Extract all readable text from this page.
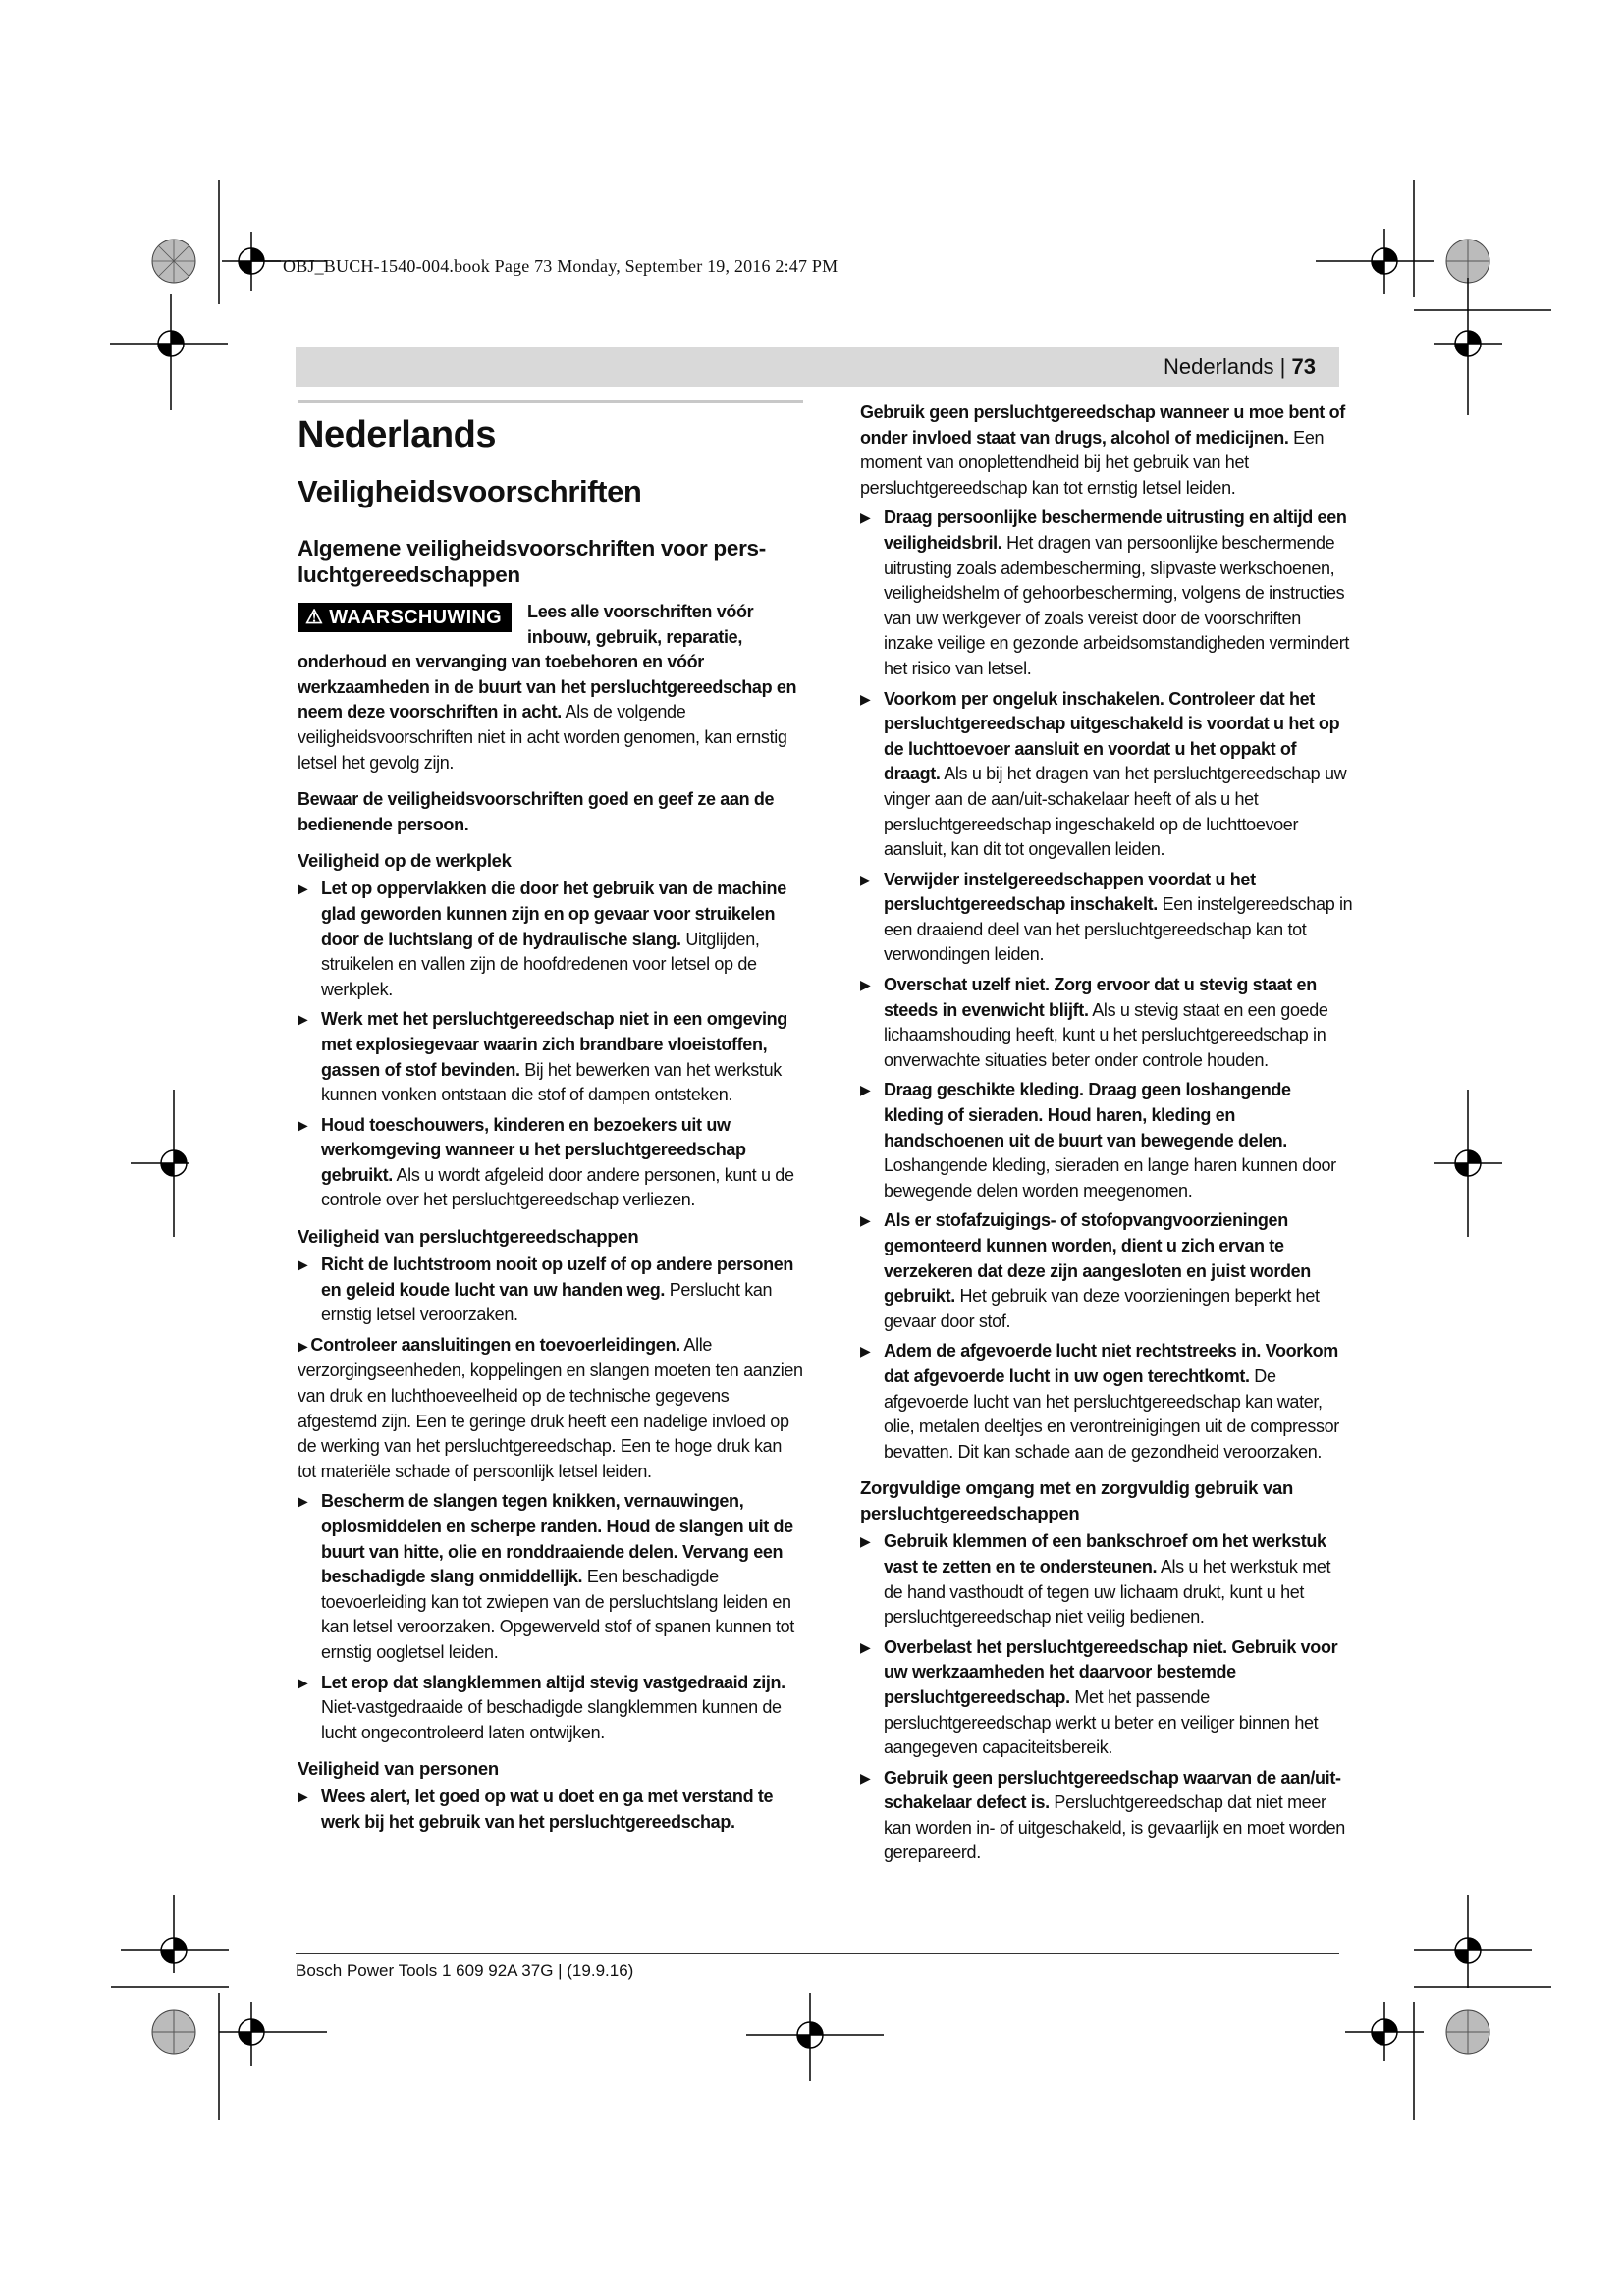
OBJ_BUCH-1540-004.book Page 73 Monday, September 19, 2016 2:47 PM
Nederlands | 73
Nederlands
Veiligheidsvoorschriften
Algemene veiligheidsvoorschriften voor pers-luchtgereedschappen
⚠ WAARSCHUWING	Lees alle voorschriften vóór inbouw, gebruik, reparatie, onderhoud en vervanging van toebehoren en vóór werkzaamheden in de buurt van het persluchtgereedschap en neem deze voorschriften in acht. Als de volgende veiligheidsvoorschriften niet in acht worden genomen, kan ernstig letsel het gevolg zijn.

Bewaar de veiligheidsvoorschriften goed en geef ze aan de bedienende persoon.

Veiligheid op de werkplek

▶ Let op oppervlakken die door het gebruik van de machine glad geworden kunnen zijn en op gevaar voor struikelen door de luchtslang of de hydraulische slang. Uitglijden, struikelen en vallen zijn de hoofdredenen voor letsel op de werkplek.

▶ Werk met het persluchtgereedschap niet in een omgeving met explosiegevaar waarin zich brandbare vloeistoffen, gassen of stof bevinden. Bij het bewerken van het werkstuk kunnen vonken ontstaan die stof of dampen ontsteken.

▶ Houd toeschouwers, kinderen en bezoekers uit uw werkomgeving wanneer u het persluchtgereedschap gebruikt. Als u wordt afgeleid door andere personen, kunt u de controle over het persluchtgereedschap verliezen.

Veiligheid van persluchtgereedschappen

▶ Richt de luchtstroom nooit op uzelf of op andere personen en geleid koude lucht van uw handen weg. Perslucht kan ernstig letsel veroorzaken.

▶ Controleer aansluitingen en toevoerleidingen. Alle verzorgingseenheden, koppelingen en slangen moeten ten aanzien van druk en luchthoeveelheid op de technische gegevens afgestemd zijn. Een te geringe druk heeft een nadelige invloed op de werking van het persluchtgereedschap. Een te hoge druk kan tot materiële schade of persoonlijk letsel leiden.

▶ Bescherm de slangen tegen knikken, vernauwingen, oplosmiddelen en scherpe randen. Houd de slangen uit de buurt van hitte, olie en ronddraaiende delen. Vervang een beschadigde slang onmiddellijk. Een beschadigde toevoerleiding kan tot zwiepen van de persluchtslang leiden en kan letsel veroorzaken. Opgewerveld stof of spanen kunnen tot ernstig oogletsel leiden.

▶ Let erop dat slangklemmen altijd stevig vastgedraaid zijn. Niet-vastgedraaide of beschadigde slangklemmen kunnen de lucht ongecontroleerd laten ontwijken.

Veiligheid van personen

▶ Wees alert, let goed op wat u doet en ga met verstand te werk bij het gebruik van het persluchtgereedschap.

Gebruik geen persluchtgereedschap wanneer u moe bent of onder invloed staat van drugs, alcohol of medicijnen. Een moment van onoplettendheid bij het gebruik van het persluchtgereedschap kan tot ernstig letsel leiden.

▶ Draag persoonlijke beschermende uitrusting en altijd een veiligheidsbril. Het dragen van persoonlijke beschermende uitrusting zoals adembescherming, slipvaste werkschoenen, veiligheidshelm of gehoorbescherming, volgens de instructies van uw werkgever of zoals vereist door de voorschriften inzake veilige en gezonde arbeidsomstandigheden vermindert het risico van letsel.

▶ Voorkom per ongeluk inschakelen. Controleer dat het persluchtgereedschap uitgeschakeld is voordat u het op de luchttoevoer aansluit en voordat u het oppakt of draagt. Als u bij het dragen van het persluchtgereedschap uw vinger aan de aan/uit-schakelaar heeft of als u het persluchtgereedschap ingeschakeld op de luchttoevoer aansluit, kan dit tot ongevallen leiden.

▶ Verwijder instelgereedschappen voordat u het persluchtgereedschap inschakelt. Een instelgereedschap in een draaiend deel van het persluchtgereedschap kan tot verwondingen leiden.

▶ Overschat uzelf niet. Zorg ervoor dat u stevig staat en steeds in evenwicht blijft. Als u stevig staat en een goede lichaamshouding heeft, kunt u het persluchtgereedschap in onverwachte situaties beter onder controle houden.

▶ Draag geschikte kleding. Draag geen loshangende kleding of sieraden. Houd haren, kleding en handschoenen uit de buurt van bewegende delen. Loshangende kleding, sieraden en lange haren kunnen door bewegende delen worden meegenomen.

▶ Als er stofafzuigings- of stofopvangvoorzieningen gemonteerd kunnen worden, dient u zich ervan te verzekeren dat deze zijn aangesloten en juist worden gebruikt. Het gebruik van deze voorzieningen beperkt het gevaar door stof.

▶ Adem de afgevoerde lucht niet rechtstreeks in. Voorkom dat afgevoerde lucht in uw ogen terechtkomt. De afgevoerde lucht van het persluchtgereedschap kan water, olie, metalen deeltjes en verontreinigingen uit de compressor bevatten. Dit kan schade aan de gezondheid veroorzaken.

Zorgvuldige omgang met en zorgvuldig gebruik van persluchtgereedschappen

▶ Gebruik klemmen of een bankschroef om het werkstuk vast te zetten en te ondersteunen. Als u het werkstuk met de hand vasthoudt of tegen uw lichaam drukt, kunt u het persluchtgereedschap niet veilig bedienen.

▶ Overbelast het persluchtgereedschap niet. Gebruik voor uw werkzaamheden het daarvoor bestemde persluchtgereedschap. Met het passende persluchtgereedschap werkt u beter en veiliger binnen het aangegeven capaciteitsbereik.

▶ Gebruik geen persluchtgereedschap waarvan de aan/uit-schakelaar defect is. Persluchtgereedschap dat niet meer kan worden in- of uitgeschakeld, is gevaarlijk en moet worden gerepareerd.

Bosch Power Tools 1 609 92A 37G | (19.9.16)
